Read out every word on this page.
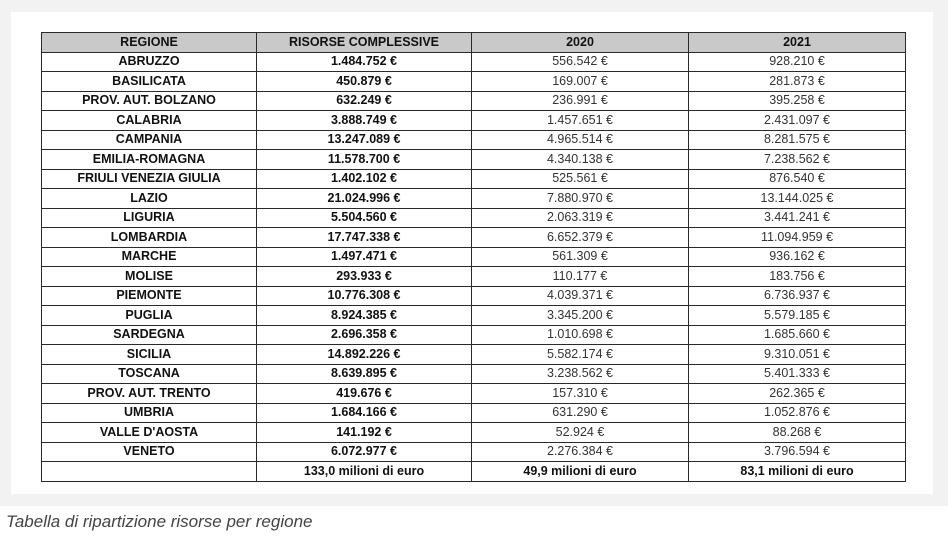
REGIONE	RISORSE COMPLESSIVE	2020	2021
ABRUZZO	1.484.752 €	556.542 €	928.210 €
BASILICATA	450.879 €	169.007 €	281.873 €
PROV. AUT. BOLZANO	632.249 €	236.991 €	395.258 €
CALABRIA	3.888.749 €	1.457.651 €	2.431.097 €
CAMPANIA	13.247.089 €	4.965.514 €	8.281.575 €
EMILIA-ROMAGNA	11.578.700 €	4.340.138 €	7.238.562 €
FRIULI VENEZIA GIULIA	1.402.102 €	525.561 €	876.540 €
LAZIO	21.024.996 €	7.880.970 €	13.144.025 €
LIGURIA	5.504.560 €	2.063.319 €	3.441.241 €
LOMBARDIA	17.747.338 €	6.652.379 €	11.094.959 €
MARCHE	1.497.471 €	561.309 €	936.162 €
MOLISE	293.933 €	110.177 €	183.756 €
PIEMONTE	10.776.308 €	4.039.371 €	6.736.937 €
PUGLIA	8.924.385 €	3.345.200 €	5.579.185 €
SARDEGNA	2.696.358 €	1.010.698 €	1.685.660 €
SICILIA	14.892.226 €	5.582.174 €	9.310.051 €
TOSCANA	8.639.895 €	3.238.562 €	5.401.333 €
PROV. AUT. TRENTO	419.676 €	157.310 €	262.365 €
UMBRIA	1.684.166 €	631.290 €	1.052.876 €
VALLE D'AOSTA	141.192 €	52.924 €	88.268 €
VENETO	6.072.977 €	2.276.384 €	3.796.594 €
	133,0 milioni di euro	49,9 milioni di euro	83,1 milioni di euro
Tabella di ripartizione risorse per regione
